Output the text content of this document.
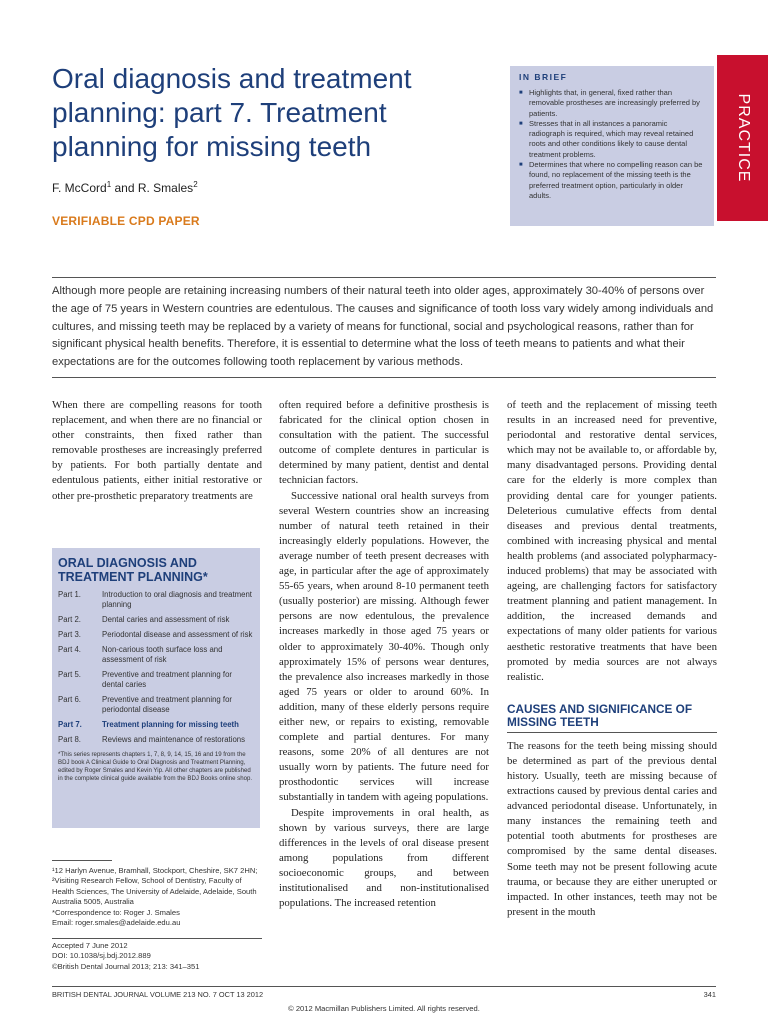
Oral diagnosis and treatment planning: part 7. Treatment planning for missing teeth
F. McCord$^1$ and R. Smales$^2$
VERIFIABLE CPD PAPER
IN BRIEF
■ Highlights that, in general, fixed rather than removable prostheses are increasingly preferred by patients.
■ Stresses that in all instances a panoramic radiograph is required, which may reveal retained roots and other conditions likely to cause dental treatment problems.
■ Determines that where no compelling reason can be found, no replacement of the missing teeth is the preferred treatment option, particularly in older adults.
PRACTICE

Although more people are retaining increasing numbers of their natural teeth into older ages, approximately 30-40% of persons over the age of 75 years in Western countries are edentulous. The causes and significance of tooth loss vary widely among individuals and cultures, and missing teeth may be replaced by a variety of means for functional, social and psychological reasons, rather than for significant physical health benefits. Therefore, it is essential to determine what the loss of teeth means to patients and what their expectations are for the outcomes following tooth replacement by various methods.

When there are compelling reasons for tooth replacement, and when there are no financial or other constraints, then fixed rather than removable prostheses are increasingly preferred by patients. For both partially dentate and edentulous patients, either initial restorative or other pre-prosthetic preparatory treatments are

ORAL DIAGNOSIS AND TREATMENT PLANNING*
Part 1.	Introduction to oral diagnosis and treatment planning
Part 2.	Dental caries and assessment of risk
Part 3.	Periodontal disease and assessment of risk
Part 4.	Non-carious tooth surface loss and assessment of risk
Part 5.	Preventive and treatment planning for dental caries
Part 6.	Preventive and treatment planning for periodontal disease
Part 7.	Treatment planning for missing teeth
Part 8.	Reviews and maintenance of restorations
*This series represents chapters 1, 7, 8, 9, 14, 15, 16 and 19 from the BDJ book A Clinical Guide to Oral Diagnosis and Treatment Planning, edited by Roger Smales and Kevin Yip. All other chapters are published in the complete clinical guide available from the BDJ Books online shop.
¹12 Harlyn Avenue, Bramhall, Stockport, Cheshire, SK7 2HN; ²Visiting Research Fellow, School of Dentistry, Faculty of Health Sciences, The University of Adelaide, Adelaide, South Australia 5005, Australia
*Correspondence to: Roger J. Smales
Email: roger.smales@adelaide.edu.au
Accepted 7 June 2012
DOI: 10.1038/sj.bdj.2012.889
©British Dental Journal 2013; 213: 341–351

often required before a definitive prosthesis is fabricated for the clinical option chosen in consultation with the patient. The successful outcome of complete dentures in particular is determined by many patient, dentist and dental technician factors.

Successive national oral health surveys from several Western countries show an increasing number of natural teeth retained in their increasingly elderly populations. However, the average number of teeth present decreases with age, in particular after the age of approximately 55-65 years, when around 8-10 permanent teeth (usually posterior) are missing. Although fewer persons are now edentulous, the prevalence increases markedly in those aged 75 years or older to approximately 30-40%. Though only approximately 15% of persons wear dentures, the prevalence also increases markedly in those aged 75 years or older to around 60%. In addition, many of these elderly persons require either new, or repairs to existing, removable complete and partial dentures. For many reasons, some 20% of all dentures are not usually worn by patients. The future need for prosthodontic services will increase substantially in tandem with ageing populations.

Despite improvements in oral health, as shown by various surveys, there are large differences in the levels of oral disease present among populations from different socioeconomic groups, and between institutionalised and non-institutionalised populations. The increased retention

of teeth and the replacement of missing teeth results in an increased need for preventive, periodontal and restorative dental services, which may not be available to, or affordable by, many disadvantaged persons. Providing dental care for the elderly is more complex than providing dental care for younger patients. Deleterious cumulative effects from dental diseases and previous dental treatments, combined with increasing physical and mental health problems (and associated polypharmacy-induced problems) that may be associated with ageing, are challenging factors for satisfactory treatment planning and patient management. In addition, the increased demands and expectations of many older patients for various aesthetic restorative treatments that have been promoted by media sources are not always realistic.

CAUSES AND SIGNIFICANCE OF MISSING TEETH

The reasons for the teeth being missing should be determined as part of the previous dental history. Usually, teeth are missing because of extractions caused by previous dental caries and advanced periodontal disease. Unfortunately, in many instances the remaining teeth and potential tooth abutments for prostheses are compromised by the same dental diseases. Some teeth may not be present following acute trauma, or because they are either unerupted or impacted. In other instances, teeth may not be present in the mouth

BRITISH DENTAL JOURNAL VOLUME 213 NO. 7 OCT 13 2012	341
© 2012 Macmillan Publishers Limited. All rights reserved.
